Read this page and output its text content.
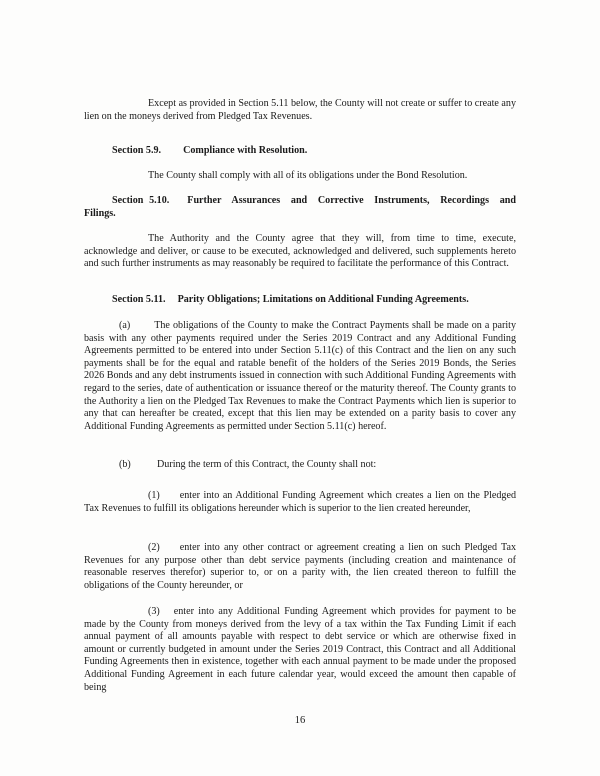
Except as provided in Section 5.11 below, the County will not create or suffer to create any lien on the moneys derived from Pledged Tax Revenues.

Section 5.9. Compliance with Resolution.

The County shall comply with all of its obligations under the Bond Resolution.

Section 5.10. Further Assurances and Corrective Instruments, Recordings and Filings.

The Authority and the County agree that they will, from time to time, execute, acknowledge and deliver, or cause to be executed, acknowledged and delivered, such supplements hereto and such further instruments as may reasonably be required to facilitate the performance of this Contract.

Section 5.11. Parity Obligations; Limitations on Additional Funding Agreements.

(a) The obligations of the County to make the Contract Payments shall be made on a parity basis with any other payments required under the Series 2019 Contract and any Additional Funding Agreements permitted to be entered into under Section 5.11(c) of this Contract and the lien on any such payments shall be for the equal and ratable benefit of the holders of the Series 2019 Bonds, the Series 2026 Bonds and any debt instruments issued in connection with such Additional Funding Agreements with regard to the series, date of authentication or issuance thereof or the maturity thereof. The County grants to the Authority a lien on the Pledged Tax Revenues to make the Contract Payments which lien is superior to any that can hereafter be created, except that this lien may be extended on a parity basis to cover any Additional Funding Agreements as permitted under Section 5.11(c) hereof.

(b)	During the term of this Contract, the County shall not:

(1) enter into an Additional Funding Agreement which creates a lien on the Pledged Tax Revenues to fulfill its obligations hereunder which is superior to the lien created hereunder,

(2) enter into any other contract or agreement creating a lien on such Pledged Tax Revenues for any purpose other than debt service payments (including creation and maintenance of reasonable reserves therefor) superior to, or on a parity with, the lien created thereon to fulfill the obligations of the County hereunder, or

(3) enter into any Additional Funding Agreement which provides for payment to be made by the County from moneys derived from the levy of a tax within the Tax Funding Limit if each annual payment of all amounts payable with respect to debt service or which are otherwise fixed in amount or currently budgeted in amount under the Series 2019 Contract, this Contract and all Additional Funding Agreements then in existence, together with each annual payment to be made under the proposed Additional Funding Agreement in each future calendar year, would exceed the amount then capable of being

16
